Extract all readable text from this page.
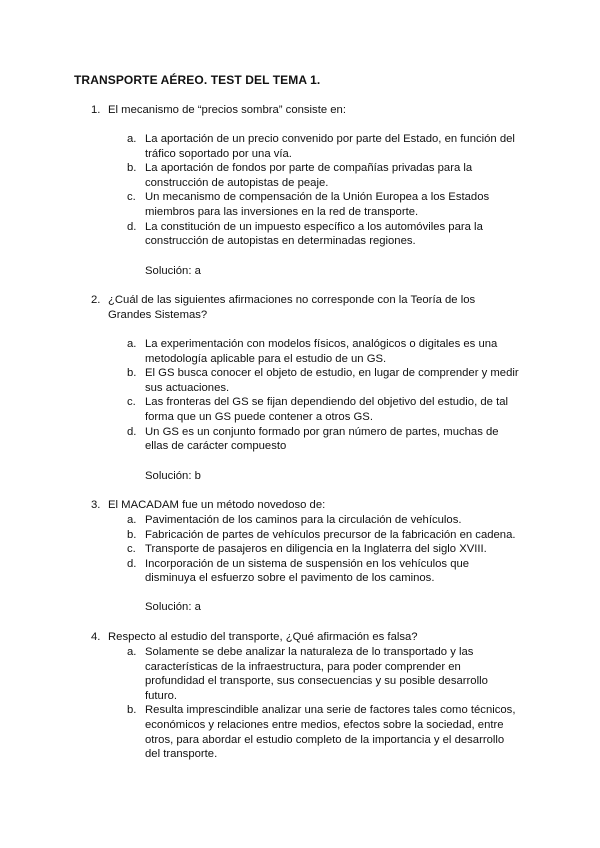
TRANSPORTE AÉREO. TEST DEL TEMA 1.
1. El mecanismo de “precios sombra” consiste en:
a. La aportación de un precio convenido por parte del Estado, en función del tráfico soportado por una vía.
b. La aportación de fondos por parte de compañías privadas para la construcción de autopistas de peaje.
c. Un mecanismo de compensación de la Unión Europea a los Estados miembros para las inversiones en la red de transporte.
d. La constitución de un impuesto específico a los automóviles para la construcción de autopistas en determinadas regiones.
Solución: a
2. ¿Cuál de las siguientes afirmaciones no corresponde con la Teoría de los Grandes Sistemas?
a. La experimentación con modelos físicos, analógicos o digitales es una metodología aplicable para el estudio de un GS.
b. El GS busca conocer el objeto de estudio, en lugar de comprender y medir sus actuaciones.
c. Las fronteras del GS se fijan dependiendo del objetivo del estudio, de tal forma que un GS puede contener a otros GS.
d. Un GS es un conjunto formado por gran número de partes, muchas de ellas de carácter compuesto
Solución: b
3. El MACADAM fue un método novedoso de:
a. Pavimentación de los caminos para la circulación de vehículos.
b. Fabricación de partes de vehículos precursor de la fabricación en cadena.
c. Transporte de pasajeros en diligencia en la Inglaterra del siglo XVIII.
d. Incorporación de un sistema de suspensión en los vehículos que disminuya el esfuerzo sobre el pavimento de los caminos.
Solución: a
4. Respecto al estudio del transporte, ¿Qué afirmación es falsa?
a. Solamente se debe analizar la naturaleza de lo transportado y las características de la infraestructura, para poder comprender en profundidad el transporte, sus consecuencias y su posible desarrollo futuro.
b. Resulta imprescindible analizar una serie de factores tales como técnicos, económicos y relaciones entre medios, efectos sobre la sociedad, entre otros, para abordar el estudio completo de la importancia y el desarrollo del transporte.
